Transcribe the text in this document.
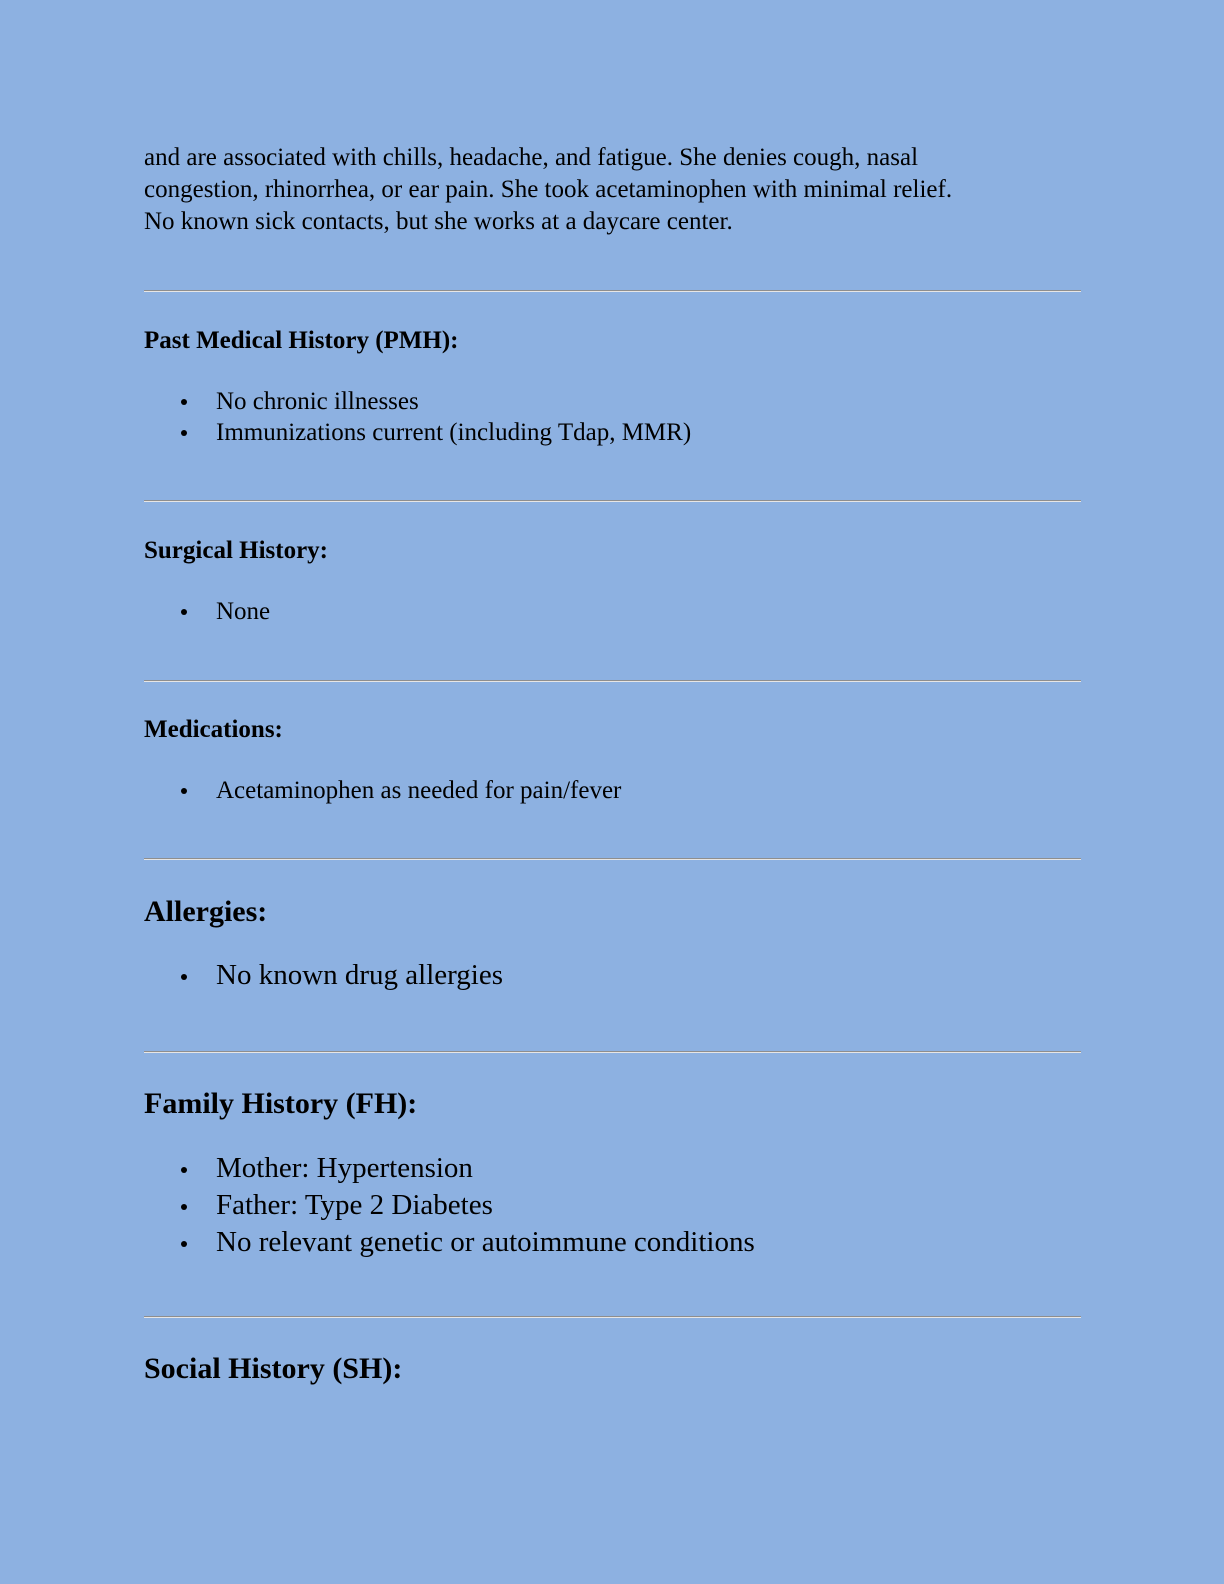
and are associated with chills, headache, and fatigue. She denies cough, nasal
congestion, rhinorrhea, or ear pain. She took acetaminophen with minimal relief.
No known sick contacts, but she works at a daycare center.

Past Medical History (PMH):
No chronic illnesses
Immunizations current (including Tdap, MMR)
Surgical History:
None
Medications:
Acetaminophen as needed for pain/fever
Allergies:
No known drug allergies
Family History (FH):
Mother: Hypertension
Father: Type 2 Diabetes
No relevant genetic or autoimmune conditions
Social History (SH):
